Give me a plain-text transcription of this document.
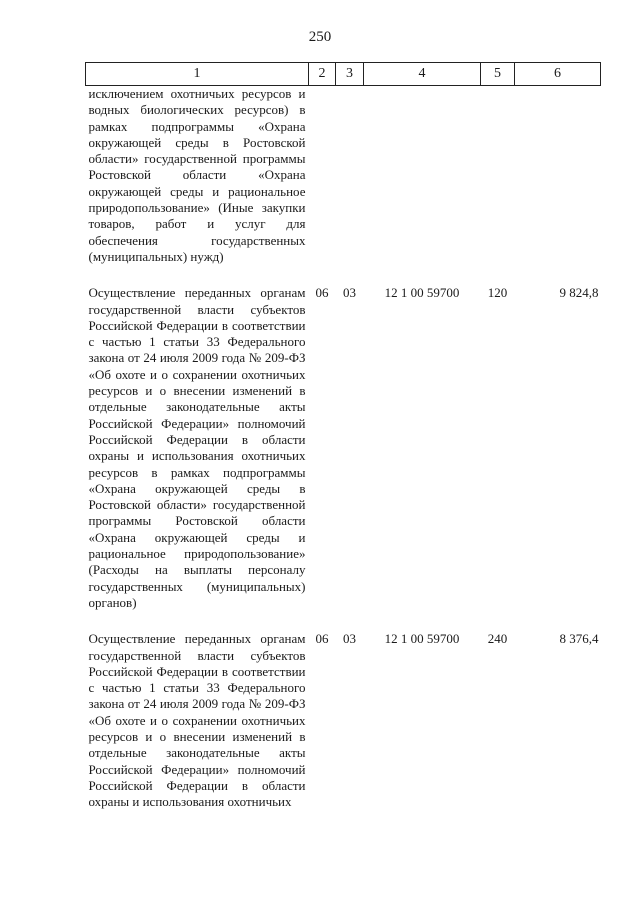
250
1	2	3	4	5	6
исключением охотничьих ресурсов и водных биологических ресурсов) в рамках подпрограммы «Охрана окружающей среды в Ростовской области» государственной программы Ростовской области «Охрана окружающей среды и рациональное природопользование» (Иные закупки товаров, работ и услуг для обеспечения государственных (муниципальных) нужд)					
Осуществление переданных органам государственной власти субъектов Российской Федерации в соответствии с частью 1 статьи 33 Федерального закона от 24 июля 2009 года № 209-ФЗ «Об охоте и о сохранении охотничьих ресурсов и о внесении изменений в отдельные законодательные акты Российской Федерации» полномочий Российской Федерации в области охраны и использования охотничьих ресурсов в рамках подпрограммы «Охрана окружающей среды в Ростовской области» государственной программы Ростовской области «Охрана окружающей среды и рациональное природопользование» (Расходы на выплаты персоналу государственных (муниципальных) органов)	06	03	12 1 00 59700	120	9 824,8
Осуществление переданных органам государственной власти субъектов Российской Федерации в соответствии с частью 1 статьи 33 Федерального закона от 24 июля 2009 года № 209-ФЗ «Об охоте и о сохранении охотничьих ресурсов и о внесении изменений в отдельные законодательные акты Российской Федерации» полномочий Российской Федерации в области охраны и использования охотничьих	06	03	12 1 00 59700	240	8 376,4
